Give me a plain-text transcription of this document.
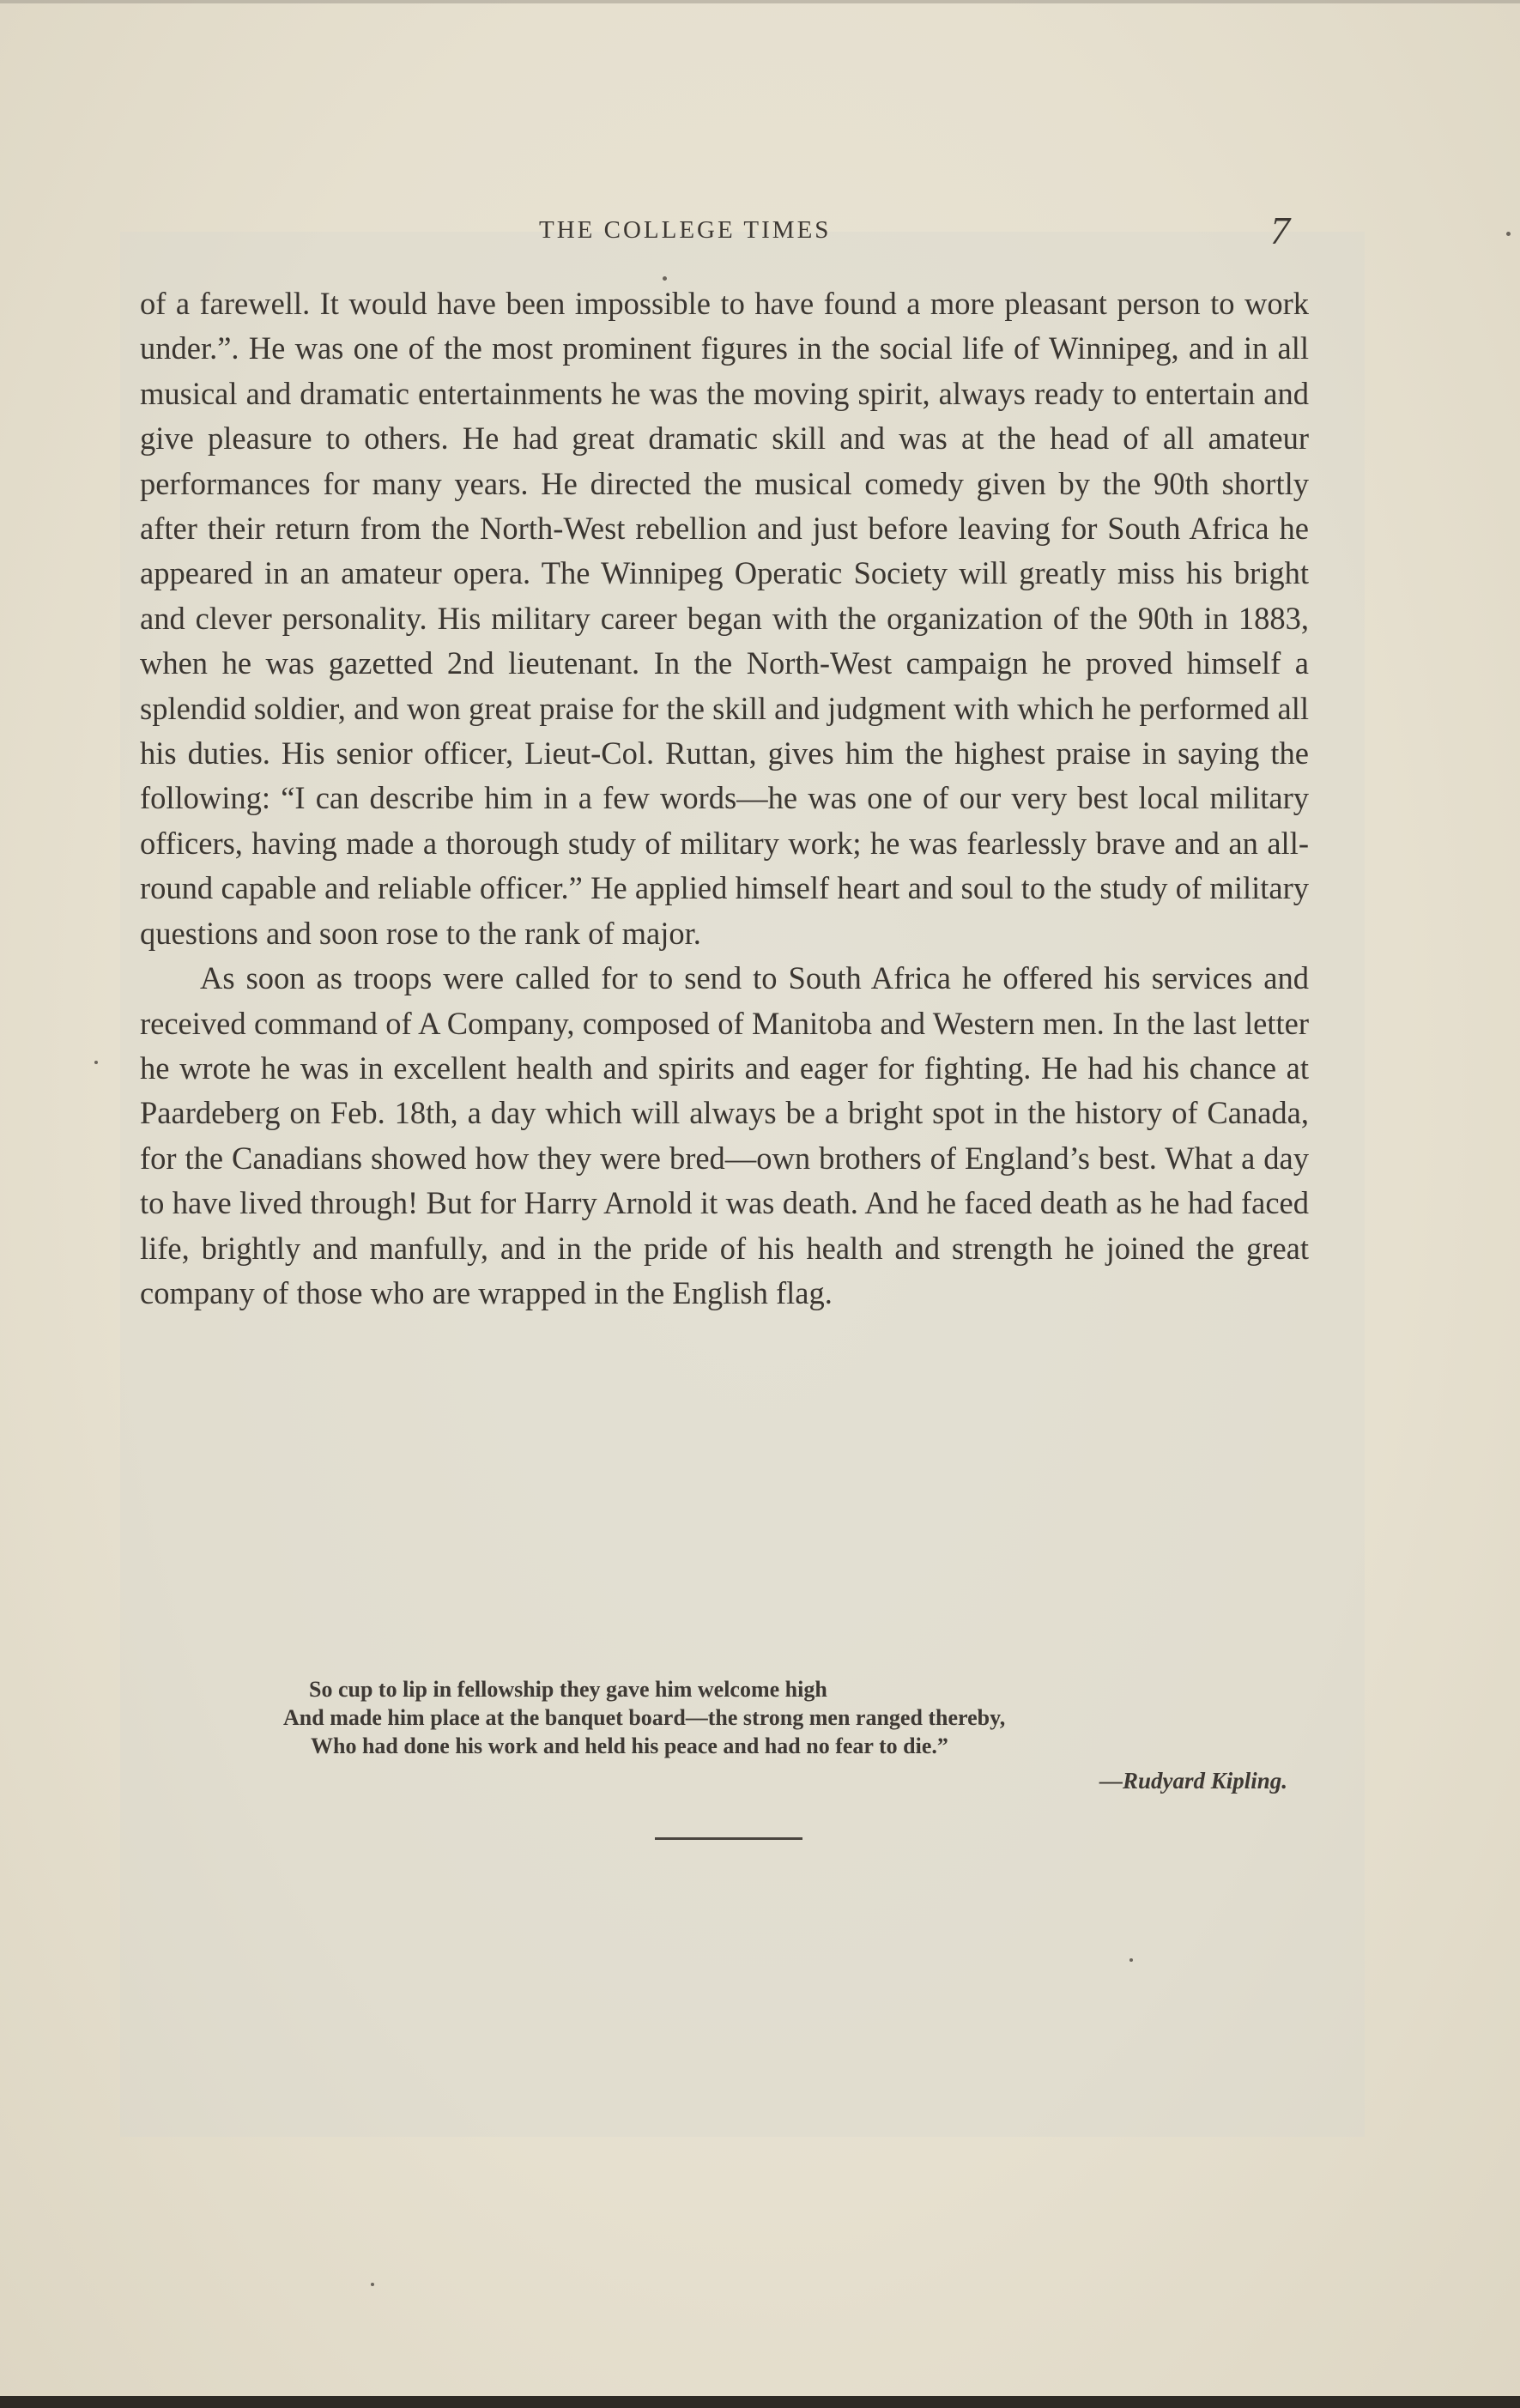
THE COLLEGE TIMES	7

of a farewell. It would have been impossible to have found a more pleasant person to work under.”. He was one of the most prominent figures in the social life of Winnipeg, and in all musical and dramatic entertainments he was the moving spirit, always ready to entertain and give pleasure to others. He had great dramatic skill and was at the head of all amateur performances for many years. He directed the musical comedy given by the 90th shortly after their return from the North-West rebellion and just before leaving for South Africa he appeared in an amateur opera. The Winnipeg Operatic Society will greatly miss his bright and clever personality. His military career began with the organization of the 90th in 1883, when he was gazetted 2nd lieutenant. In the North-West campaign he proved himself a splendid soldier, and won great praise for the skill and judgment with which he performed all his duties. His senior officer, Lieut-Col. Ruttan, gives him the highest praise in saying the following: “I can describe him in a few words—he was one of our very best local military officers, having made a thorough study of military work; he was fearlessly brave and an all-round capable and reliable officer.” He applied himself heart and soul to the study of military questions and soon rose to the rank of major.

As soon as troops were called for to send to South Africa he offered his services and received command of A Company, composed of Manitoba and Western men. In the last letter he wrote he was in excellent health and spirits and eager for fighting. He had his chance at Paardeberg on Feb. 18th, a day which will always be a bright spot in the history of Canada, for the Canadians showed how they were bred—own brothers of England’s best. What a day to have lived through! But for Harry Arnold it was death. And he faced death as he had faced life, brightly and manfully, and in the pride of his health and strength he joined the great company of those who are wrapped in the English flag.

So cup to lip in fellowship they gave him welcome high
And made him place at the banquet board—the strong men ranged thereby,
Who had done his work and held his peace and had no fear to die.”
—Rudyard Kipling.
